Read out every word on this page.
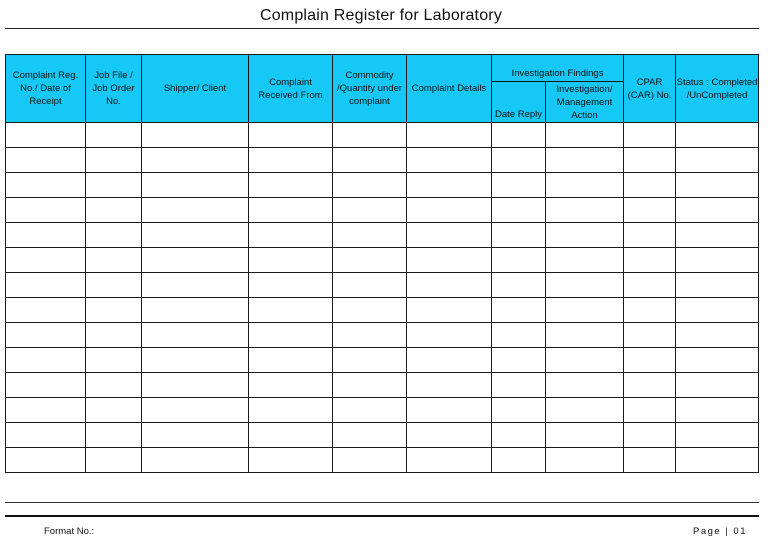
Complain Register for Laboratory
Complaint Reg. No./ Date of Receipt	Job File / Job Order No.	Shipper/ Client	Complaint Received From	Commodity /Quantity under complaint	Complaint Details	Investigation Findings		CPAR (CAR) No.	Status : Completed /UnCompleted
						Date Reply	Investigation/ Management Action		

Format No.:	Page | 01
